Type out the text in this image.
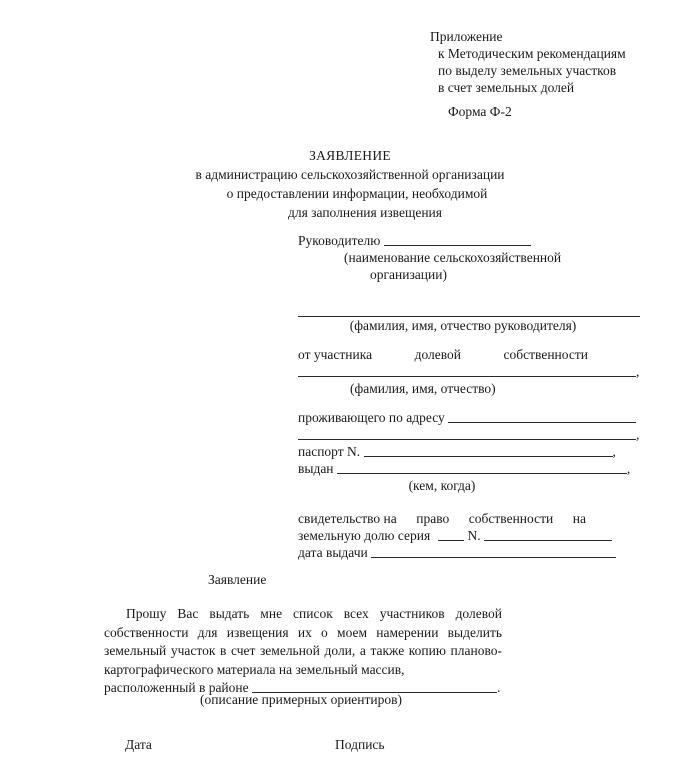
Приложение
к Методическим рекомендациям
по выделу земельных участков
в счет земельных долей
Форма Ф-2
ЗАЯВЛЕНИЕ
в администрацию сельскохозяйственной организации
о предоставлении информации, необходимой
для заполнения извещения
Руководителю
(наименование сельскохозяйственной
организации)
(фамилия, имя, отчество руководителя)
от участника	долевой	собственности
,
(фамилия, имя, отчество)
проживающего по адресу
,
паспорт N.	,
выдан	,
(кем, когда)
свидетельство на право собственности на
земельную долю серия	N.
дата выдачи
Заявление
Прошу Вас выдать мне список всех участников долевой собственности для извещения их о моем намерении выделить земельный участок в счет земельной доли, а также копию планово-картографического материала на земельный массив,
расположенный в районе	.
(описание примерных ориентиров)
Дата	Подпись
